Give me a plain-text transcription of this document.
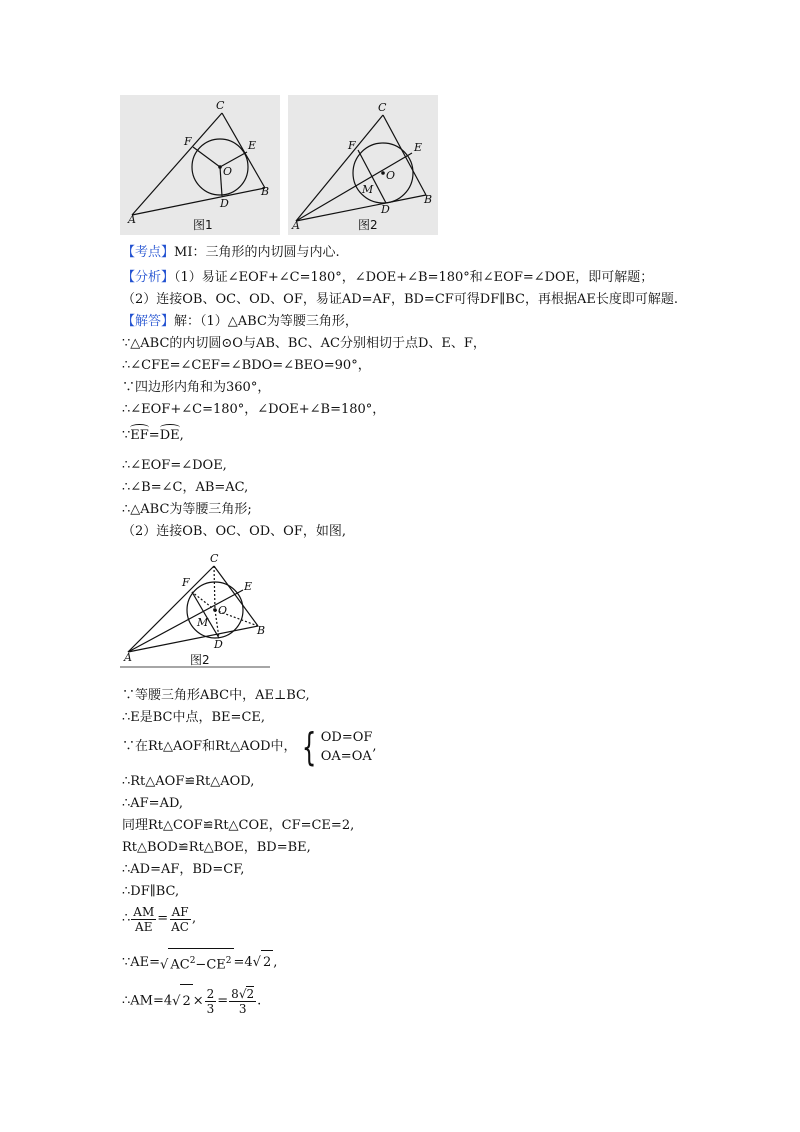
C
F	E
O
B
D
A	图1
C
F	E
O
M
B
D
A	图2
【考点】MI：三角形的内切圆与内心.
【分析】（1）易证∠EOF+∠C=180°，∠DOE+∠B=180°和∠EOF=∠DOE，即可解题；
（2）连接OB、OC、OD、OF，易证AD=AF，BD=CF可得DF∥BC，再根据AE长度即可解题.
【解答】解：（1）△ABC为等腰三角形，
∵△ABC的内切圆⊙O与AB、BC、AC分别相切于点D、E、F，
∴∠CFE=∠CEF=∠BDO=∠BEO=90°，
∵四边形内角和为360°，
∴∠EOF+∠C=180°，∠DOE+∠B=180°，
∵EF=DE,
∴∠EOF=∠DOE,
∴∠B=∠C，AB=AC,
∴△ABC为等腰三角形;
（2）连接OB、OC、OD、OF，如图,
C
F	E
O
M
B
D
A	图2
∵等腰三角形ABC中，AE⊥BC,
∴E是BC中点，BE=CE,
∵在Rt△AOF和Rt△AOD中， { OD=OF
OA=OA
,
∴Rt△AOF≌Rt△AOD,
∴AF=AD,
同理Rt△COF≌Rt△COE，CF=CE=2,
Rt△BOD≌Rt△BOE，BD=BE,
∴AD=AF，BD=CF,
∴DF∥BC,
∴ $\frac{AM}{AE} = \frac{AF}{AC}$ ,
∵AE=√ $AC^2-CE^2 =4√$ 2 ,
∴AM=4√ $2 \times \frac{2}{3} = \frac{8√2}{3}$ .
